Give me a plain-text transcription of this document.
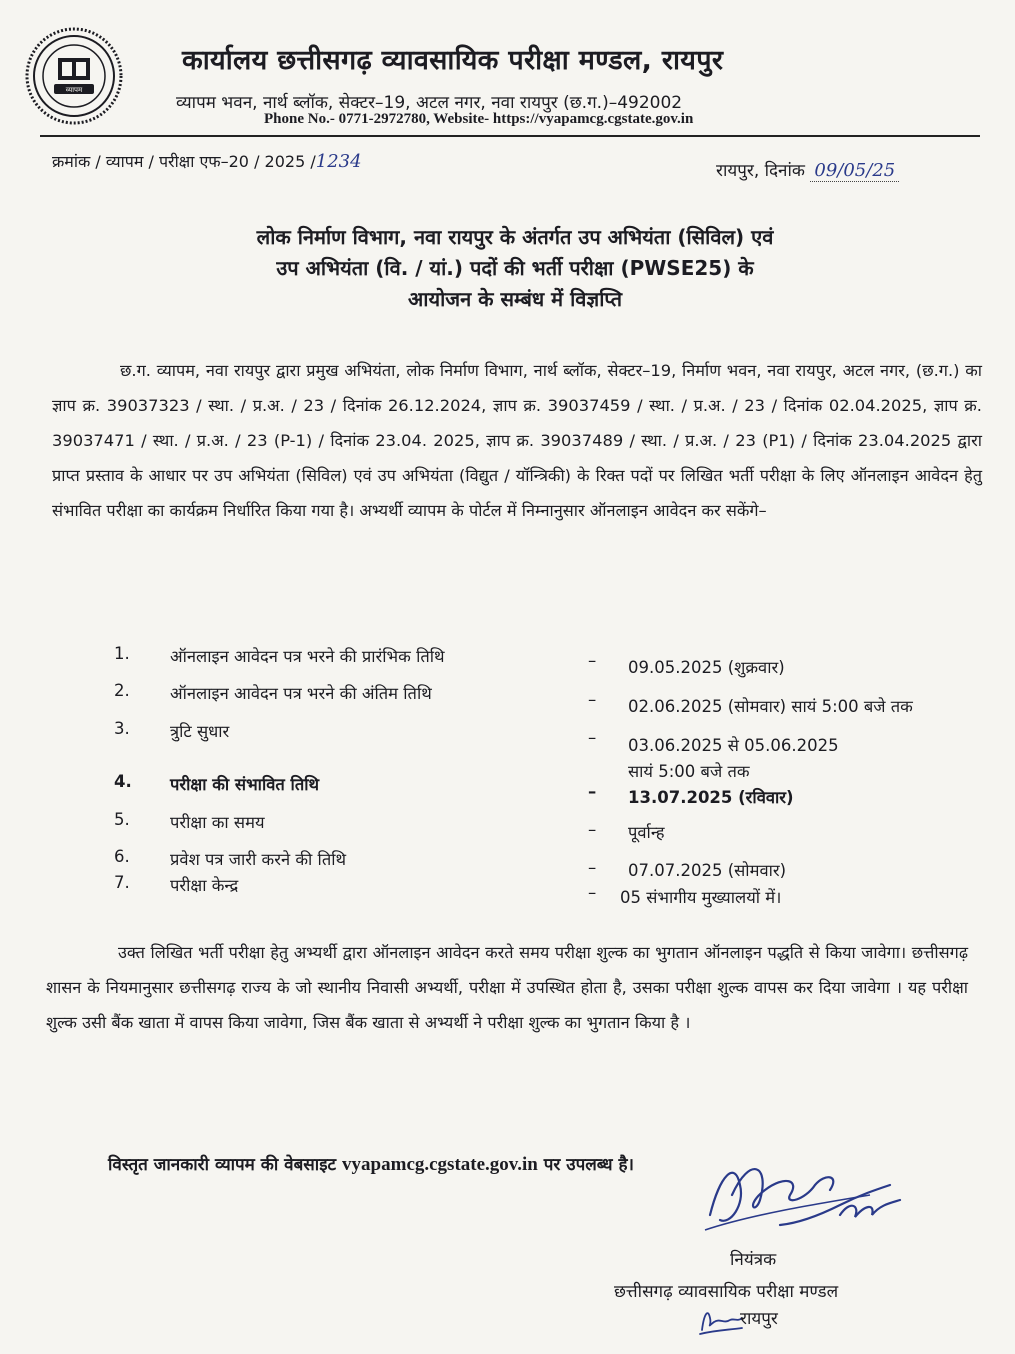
व्यापम
कार्यालय छत्तीसगढ़ व्यावसायिक परीक्षा मण्डल, रायपुर
व्यापम भवन, नार्थ ब्लॉक, सेक्टर–19, अटल नगर, नवा रायपुर (छ.ग.)–492002
Phone No.- 0771-2972780, Website- https://vyapamcg.cgstate.gov.in
क्रमांक / व्यापम / परीक्षा एफ–20 / 2025 /1234	रायपुर, दिनांक 09/05/25
लोक निर्माण विभाग, नवा रायपुर के अंतर्गत उप अभियंता (सिविल) एवं
उप अभियंता (वि. / यां.) पदों की भर्ती परीक्षा (PWSE25) के
आयोजन के सम्बंध में विज्ञप्ति
छ.ग. व्यापम, नवा रायपुर द्वारा प्रमुख अभियंता, लोक निर्माण विभाग, नार्थ ब्लॉक, सेक्टर–19, निर्माण भवन, नवा रायपुर, अटल नगर, (छ.ग.) का ज्ञाप क्र. 39037323 / स्था. / प्र.अ. / 23 / दिनांक 26.12.2024, ज्ञाप क्र. 39037459 / स्था. / प्र.अ. / 23 / दिनांक 02.04.2025, ज्ञाप क्र. 39037471 / स्था. / प्र.अ. / 23 (P-1) / दिनांक 23.04. 2025, ज्ञाप क्र. 39037489 / स्था. / प्र.अ. / 23 (P1) / दिनांक 23.04.2025 द्वारा प्राप्त प्रस्ताव के आधार पर उप अभियंता (सिविल) एवं उप अभियंता (विद्युत / यॉन्त्रिकी) के रिक्त पदों पर लिखित भर्ती परीक्षा के लिए ऑनलाइन आवेदन हेतु संभावित परीक्षा का कार्यक्रम निर्धारित किया गया है। अभ्यर्थी व्यापम के पोर्टल में निम्नानुसार ऑनलाइन आवेदन कर सकेंगे–
1. ऑनलाइन आवेदन पत्र भरने की प्रारंभिक तिथि	– 09.05.2025 (शुक्रवार)
2. ऑनलाइन आवेदन पत्र भरने की अंतिम तिथि	– 02.06.2025 (सोमवार) सायं 5:00 बजे तक
3. त्रुटि सुधार	– 03.06.2025 से 05.06.2025
सायं 5:00 बजे तक
4. परीक्षा की संभावित तिथि	– 13.07.2025 (रविवार)
5. परीक्षा का समय	– पूर्वान्ह
6. प्रवेश पत्र जारी करने की तिथि	– 07.07.2025 (सोमवार)
7. परीक्षा केन्द्र	– 05 संभागीय मुख्यालयों में।
उक्त लिखित भर्ती परीक्षा हेतु अभ्यर्थी द्वारा ऑनलाइन आवेदन करते समय परीक्षा शुल्क का भुगतान ऑनलाइन पद्धति से किया जावेगा। छत्तीसगढ़ शासन के नियमानुसार छत्तीसगढ़ राज्य के जो स्थानीय निवासी अभ्यर्थी, परीक्षा में उपस्थित होता है, उसका परीक्षा शुल्क वापस कर दिया जावेगा । यह परीक्षा शुल्क उसी बैंक खाता में वापस किया जावेगा, जिस बैंक खाता से अभ्यर्थी ने परीक्षा शुल्क का भुगतान किया है ।
विस्तृत जानकारी व्यापम की वेबसाइट vyapamcg.cgstate.gov.in पर उपलब्ध है।
नियंत्रक
छत्तीसगढ़ व्यावसायिक परीक्षा मण्डल
रायपुर
